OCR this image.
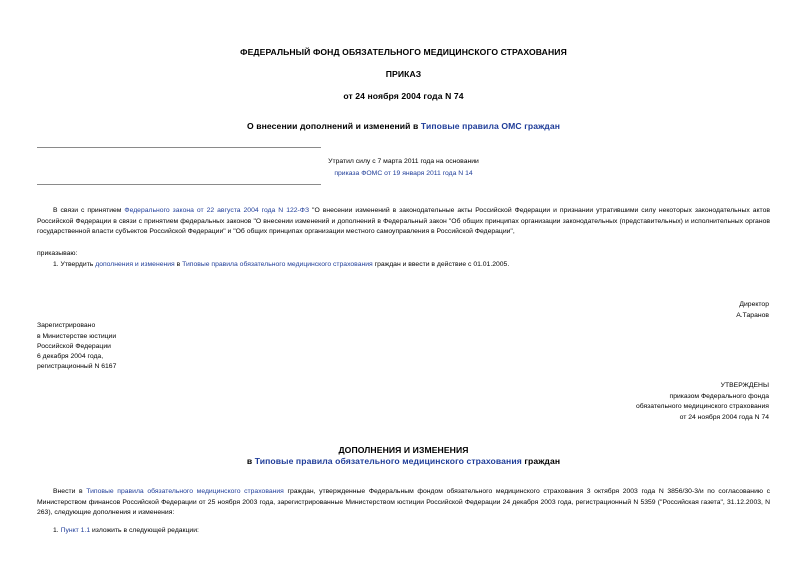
ФЕДЕРАЛЬНЫЙ ФОНД ОБЯЗАТЕЛЬНОГО МЕДИЦИНСКОГО СТРАХОВАНИЯ
ПРИКАЗ
от 24 ноября 2004 года N 74
О внесении дополнений и изменений в Типовые правила ОМС граждан
Утратил силу с 7 марта 2011 года на основании
приказа ФОМС от 19 января 2011 года N 14
В связи с принятием Федерального закона от 22 августа 2004 года N 122-ФЗ "О внесении изменений в законодательные акты Российской Федерации и признании утратившими силу некоторых законодательных актов Российской Федерации в связи с принятием федеральных законов "О внесении изменений и дополнений в Федеральный закон "Об общих принципах организации законодательных (представительных) и исполнительных органов государственной власти субъектов Российской Федерации" и "Об общих принципах организации местного самоуправления в Российской Федерации",
приказываю:
1. Утвердить дополнения и изменения в Типовые правила обязательного медицинского страхования граждан и ввести в действие с 01.01.2005.
Директор
А.Таранов
Зарегистрировано
в Министерстве юстиции
Российской Федерации
6 декабря 2004 года,
регистрационный N 6167
УТВЕРЖДЕНЫ
приказом Федерального фонда
обязательного медицинского страхования
от 24 ноября 2004 года N 74
ДОПОЛНЕНИЯ И ИЗМЕНЕНИЯ
в Типовые правила обязательного медицинского страхования граждан
Внести в Типовые правила обязательного медицинского страхования граждан, утвержденные Федеральным фондом обязательного медицинского страхования 3 октября 2003 года N 3856/30-3/и по согласованию с Министерством финансов Российской Федерации от 25 ноября 2003 года, зарегистрированные Министерством юстиции Российской Федерации 24 декабря 2003 года, регистрационный N 5359 ("Российская газета", 31.12.2003, N 263), следующие дополнения и изменения:
1. Пункт 1.1 изложить в следующей редакции:
